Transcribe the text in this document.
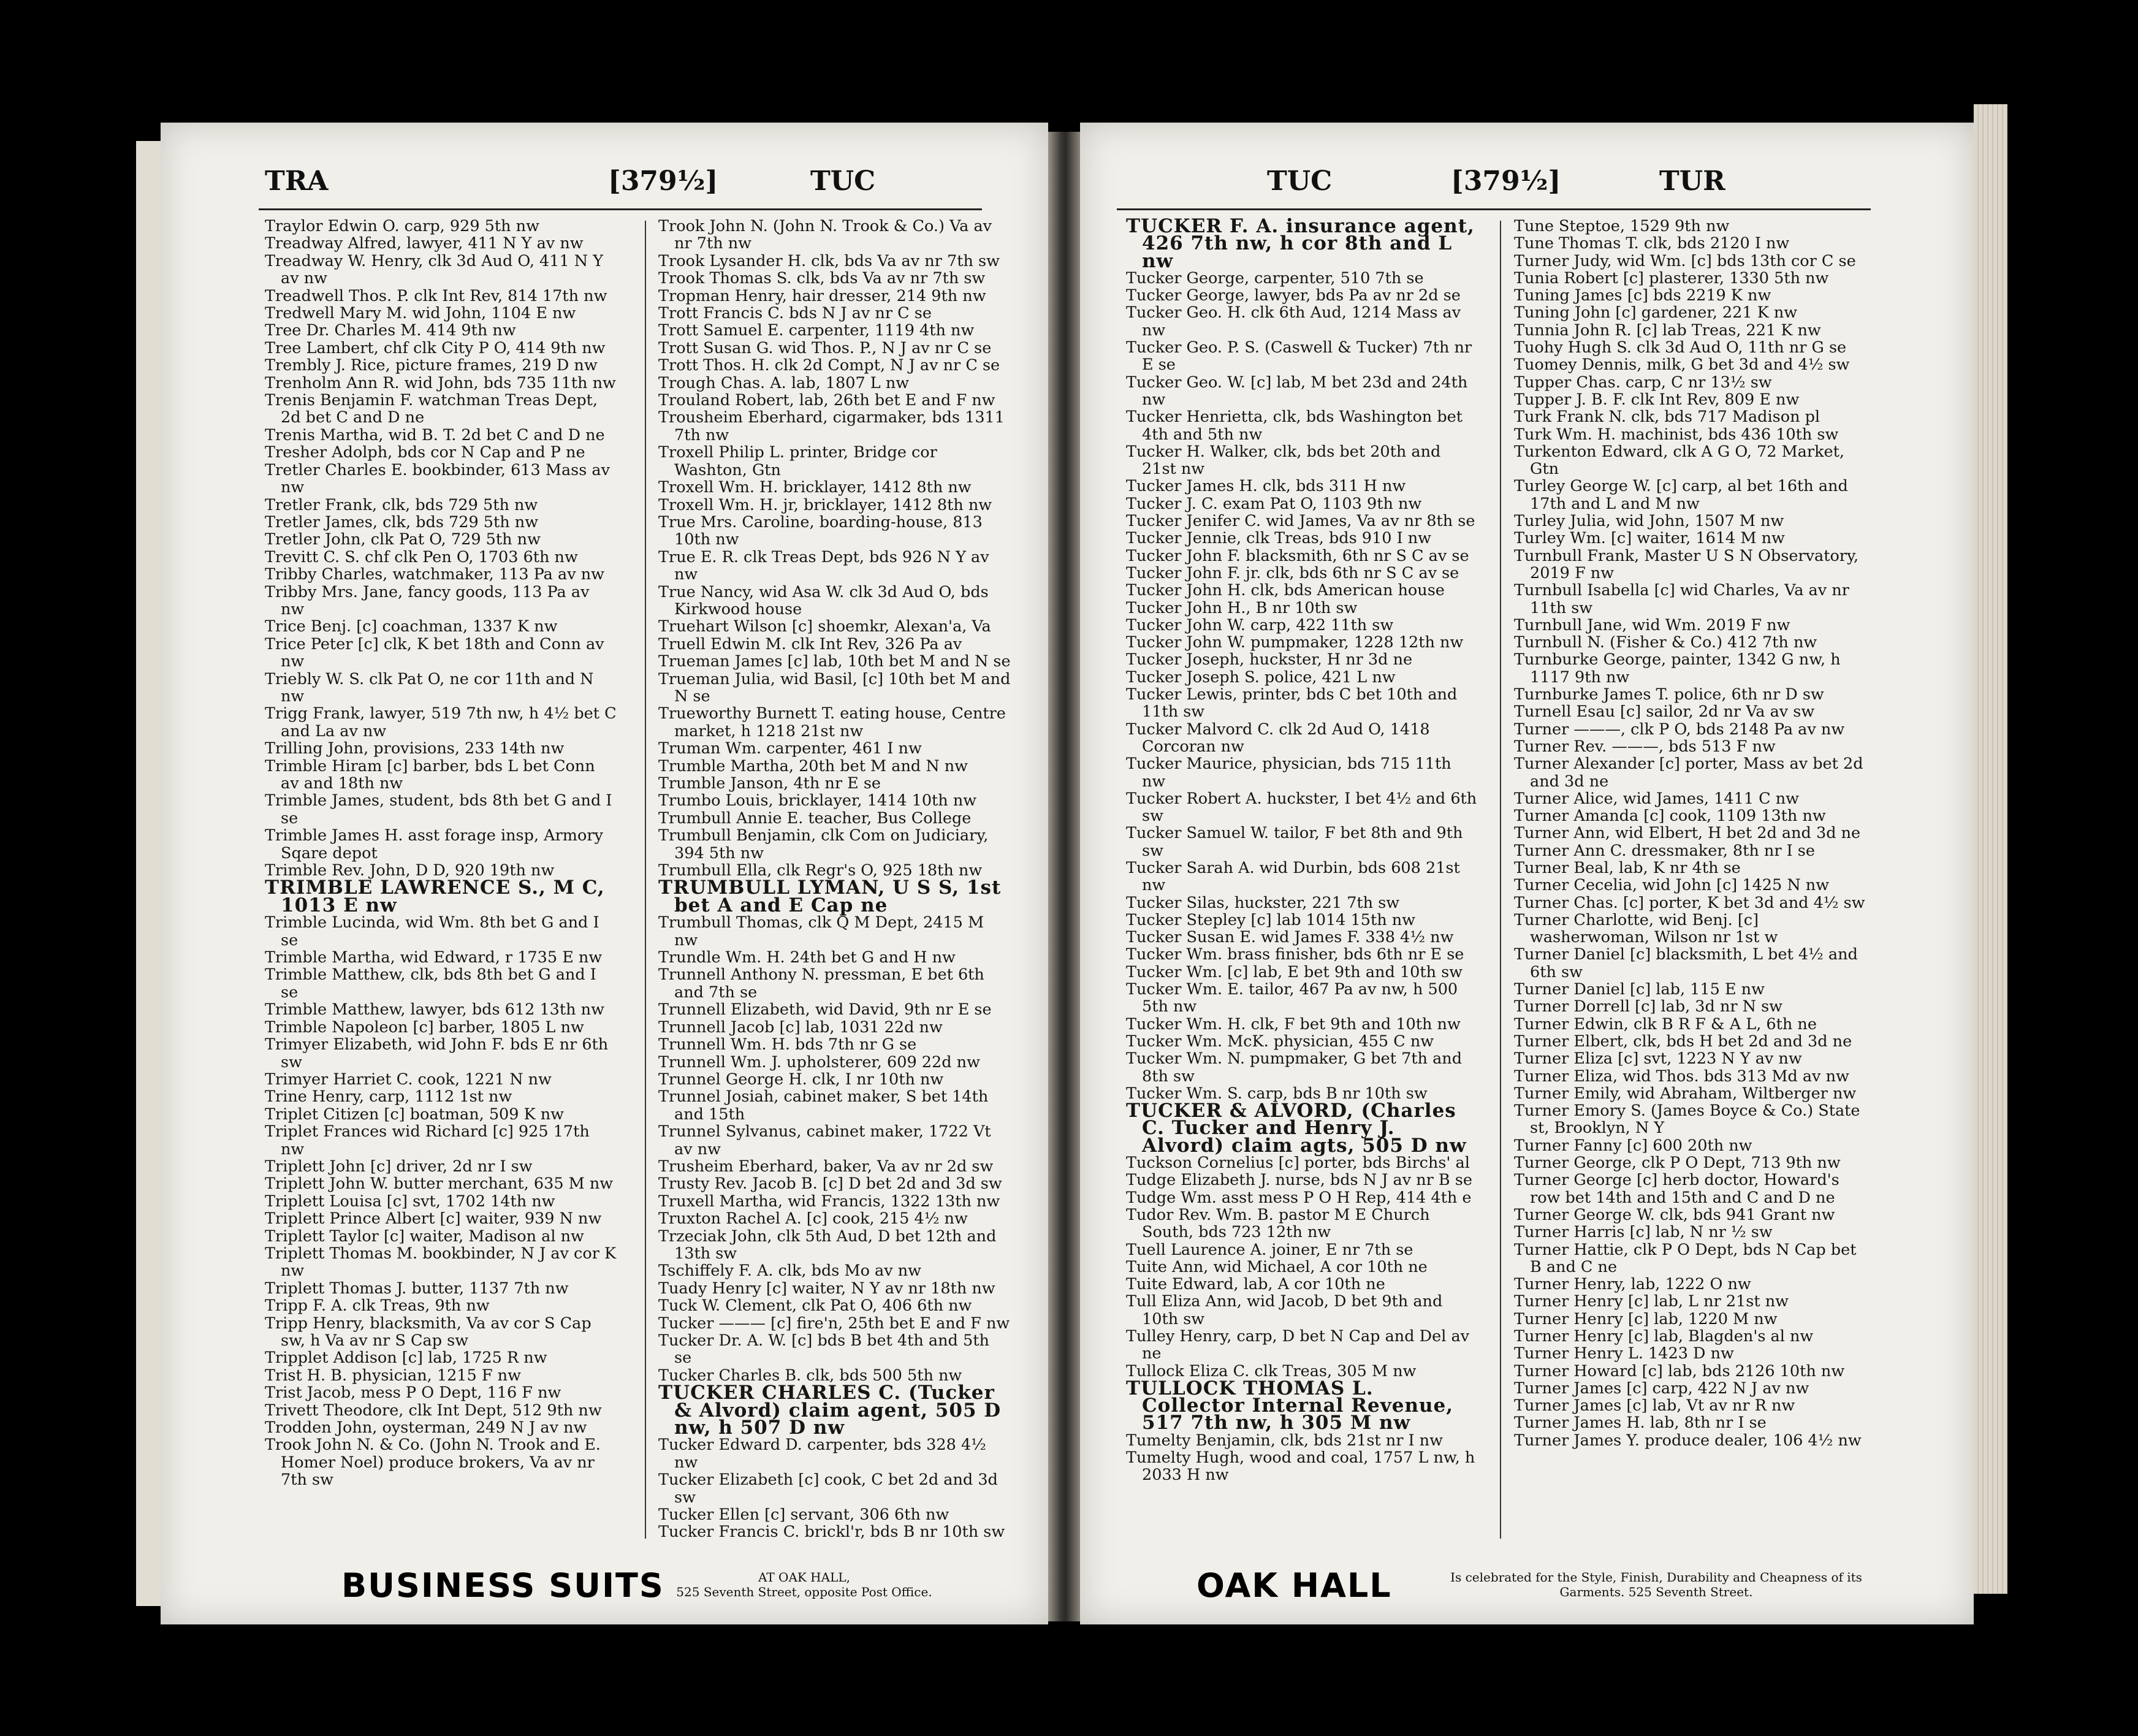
TRA	[379½]	TUC
Traylor Edwin O. carp, 929 5th nw
Treadway Alfred, lawyer, 411 N Y av nw
Treadway W. Henry, clk 3d Aud O, 411 N Y av nw
Treadwell Thos. P. clk Int Rev, 814 17th nw
Tredwell Mary M. wid John, 1104 E nw
Tree Dr. Charles M. 414 9th nw
Tree Lambert, chf clk City P O, 414 9th nw
Trembly J. Rice, picture frames, 219 D nw
Trenholm Ann R. wid John, bds 735 11th nw
Trenis Benjamin F. watchman Treas Dept, 2d bet C and D ne
Trenis Martha, wid B. T. 2d bet C and D ne
Tresher Adolph, bds cor N Cap and P ne
Tretler Charles E. bookbinder, 613 Mass av nw
Tretler Frank, clk, bds 729 5th nw
Tretler James, clk, bds 729 5th nw
Tretler John, clk Pat O, 729 5th nw
Trevitt C. S. chf clk Pen O, 1703 6th nw
Tribby Charles, watchmaker, 113 Pa av nw
Tribby Mrs. Jane, fancy goods, 113 Pa av nw
Trice Benj. [c] coachman, 1337 K nw
Trice Peter [c] clk, K bet 18th and Conn av nw
Triebly W. S. clk Pat O, ne cor 11th and N nw
Trigg Frank, lawyer, 519 7th nw, h 4½ bet C and La av nw
Trilling John, provisions, 233 14th nw
Trimble Hiram [c] barber, bds L bet Conn av and 18th nw
Trimble James, student, bds 8th bet G and I se
Trimble James H. asst forage insp, Armory Sqare depot
Trimble Rev. John, D D, 920 19th nw
TRIMBLE LAWRENCE S., M C, 1013 E nw
Trimble Lucinda, wid Wm. 8th bet G and I se
Trimble Martha, wid Edward, r 1735 E nw
Trimble Matthew, clk, bds 8th bet G and I se
Trimble Matthew, lawyer, bds 612 13th nw
Trimble Napoleon [c] barber, 1805 L nw
Trimyer Elizabeth, wid John F. bds E nr 6th sw
Trimyer Harriet C. cook, 1221 N nw
Trine Henry, carp, 1112 1st nw
Triplet Citizen [c] boatman, 509 K nw
Triplet Frances wid Richard [c] 925 17th nw
Triplett John [c] driver, 2d nr I sw
Triplett John W. butter merchant, 635 M nw
Triplett Louisa [c] svt, 1702 14th nw
Triplett Prince Albert [c] waiter, 939 N nw
Triplett Taylor [c] waiter, Madison al nw
Triplett Thomas M. bookbinder, N J av cor K nw
Triplett Thomas J. butter, 1137 7th nw
Tripp F. A. clk Treas, 9th nw
Tripp Henry, blacksmith, Va av cor S Cap sw, h Va av nr S Cap sw
Tripplet Addison [c] lab, 1725 R nw
Trist H. B. physician, 1215 F nw
Trist Jacob, mess P O Dept, 116 F nw
Trivett Theodore, clk Int Dept, 512 9th nw
Trodden John, oysterman, 249 N J av nw
Trook John N. & Co. (John N. Trook and E. Homer Noel) produce brokers, Va av nr 7th sw
Trook John N. (John N. Trook & Co.) Va av nr 7th nw
Trook Lysander H. clk, bds Va av nr 7th sw
Trook Thomas S. clk, bds Va av nr 7th sw
Tropman Henry, hair dresser, 214 9th nw
Trott Francis C. bds N J av nr C se
Trott Samuel E. carpenter, 1119 4th nw
Trott Susan G. wid Thos. P., N J av nr C se
Trott Thos. H. clk 2d Compt, N J av nr C se
Trough Chas. A. lab, 1807 L nw
Trouland Robert, lab, 26th bet E and F nw
Trousheim Eberhard, cigarmaker, bds 1311 7th nw
Troxell Philip L. printer, Bridge cor Washton, Gtn
Troxell Wm. H. bricklayer, 1412 8th nw
Troxell Wm. H. jr, bricklayer, 1412 8th nw
True Mrs. Caroline, boarding-house, 813 10th nw
True E. R. clk Treas Dept, bds 926 N Y av nw
True Nancy, wid Asa W. clk 3d Aud O, bds Kirkwood house
Truehart Wilson [c] shoemkr, Alexan'a, Va
Truell Edwin M. clk Int Rev, 326 Pa av
Trueman James [c] lab, 10th bet M and N se
Trueman Julia, wid Basil, [c] 10th bet M and N se
Trueworthy Burnett T. eating house, Centre market, h 1218 21st nw
Truman Wm. carpenter, 461 I nw
Trumble Martha, 20th bet M and N nw
Trumble Janson, 4th nr E se
Trumbo Louis, bricklayer, 1414 10th nw
Trumbull Annie E. teacher, Bus College
Trumbull Benjamin, clk Com on Judiciary, 394 5th nw
Trumbull Ella, clk Regr's O, 925 18th nw
TRUMBULL LYMAN, U S S, 1st bet A and E Cap ne
Trumbull Thomas, clk Q M Dept, 2415 M nw
Trundle Wm. H. 24th bet G and H nw
Trunnell Anthony N. pressman, E bet 6th and 7th se
Trunnell Elizabeth, wid David, 9th nr E se
Trunnell Jacob [c] lab, 1031 22d nw
Trunnell Wm. H. bds 7th nr G se
Trunnell Wm. J. upholsterer, 609 22d nw
Trunnel George H. clk, I nr 10th nw
Trunnel Josiah, cabinet maker, S bet 14th and 15th
Trunnel Sylvanus, cabinet maker, 1722 Vt av nw
Trusheim Eberhard, baker, Va av nr 2d sw
Trusty Rev. Jacob B. [c] D bet 2d and 3d sw
Truxell Martha, wid Francis, 1322 13th nw
Truxton Rachel A. [c] cook, 215 4½ nw
Trzeciak John, clk 5th Aud, D bet 12th and 13th sw
Tschiffely F. A. clk, bds Mo av nw
Tuady Henry [c] waiter, N Y av nr 18th nw
Tuck W. Clement, clk Pat O, 406 6th nw
Tucker ——— [c] fire'n, 25th bet E and F nw
Tucker Dr. A. W. [c] bds B bet 4th and 5th se
Tucker Charles B. clk, bds 500 5th nw
TUCKER CHARLES C. (Tucker & Alvord) claim agent, 505 D nw, h 507 D nw
Tucker Edward D. carpenter, bds 328 4½ nw
Tucker Elizabeth [c] cook, C bet 2d and 3d sw
Tucker Ellen [c] servant, 306 6th nw
Tucker Francis C. brickl'r, bds B nr 10th sw
BUSINESS SUITS	AT OAK HALL,
525 Seventh Street, opposite Post Office.
TUC	[379½]	TUR
TUCKER F. A. insurance agent, 426 7th nw, h cor 8th and L nw
Tucker George, carpenter, 510 7th se
Tucker George, lawyer, bds Pa av nr 2d se
Tucker Geo. H. clk 6th Aud, 1214 Mass av nw
Tucker Geo. P. S. (Caswell & Tucker) 7th nr E se
Tucker Geo. W. [c] lab, M bet 23d and 24th nw
Tucker Henrietta, clk, bds Washington bet 4th and 5th nw
Tucker H. Walker, clk, bds bet 20th and 21st nw
Tucker James H. clk, bds 311 H nw
Tucker J. C. exam Pat O, 1103 9th nw
Tucker Jenifer C. wid James, Va av nr 8th se
Tucker Jennie, clk Treas, bds 910 I nw
Tucker John F. blacksmith, 6th nr S C av se
Tucker John F. jr. clk, bds 6th nr S C av se
Tucker John H. clk, bds American house
Tucker John H., B nr 10th sw
Tucker John W. carp, 422 11th sw
Tucker John W. pumpmaker, 1228 12th nw
Tucker Joseph, huckster, H nr 3d ne
Tucker Joseph S. police, 421 L nw
Tucker Lewis, printer, bds C bet 10th and 11th sw
Tucker Malvord C. clk 2d Aud O, 1418 Corcoran nw
Tucker Maurice, physician, bds 715 11th nw
Tucker Robert A. huckster, I bet 4½ and 6th sw
Tucker Samuel W. tailor, F bet 8th and 9th sw
Tucker Sarah A. wid Durbin, bds 608 21st nw
Tucker Silas, huckster, 221 7th sw
Tucker Stepley [c] lab 1014 15th nw
Tucker Susan E. wid James F. 338 4½ nw
Tucker Wm. brass finisher, bds 6th nr E se
Tucker Wm. [c] lab, E bet 9th and 10th sw
Tucker Wm. E. tailor, 467 Pa av nw, h 500 5th nw
Tucker Wm. H. clk, F bet 9th and 10th nw
Tucker Wm. McK. physician, 455 C nw
Tucker Wm. N. pumpmaker, G bet 7th and 8th sw
Tucker Wm. S. carp, bds B nr 10th sw
TUCKER & ALVORD, (Charles C. Tucker and Henry J. Alvord) claim agts, 505 D nw
Tuckson Cornelius [c] porter, bds Birchs' al
Tudge Elizabeth J. nurse, bds N J av nr B se
Tudge Wm. asst mess P O H Rep, 414 4th e
Tudor Rev. Wm. B. pastor M E Church South, bds 723 12th nw
Tuell Laurence A. joiner, E nr 7th se
Tuite Ann, wid Michael, A cor 10th ne
Tuite Edward, lab, A cor 10th ne
Tull Eliza Ann, wid Jacob, D bet 9th and 10th sw
Tulley Henry, carp, D bet N Cap and Del av ne
Tullock Eliza C. clk Treas, 305 M nw
TULLOCK THOMAS L. Collector Internal Revenue, 517 7th nw, h 305 M nw
Tumelty Benjamin, clk, bds 21st nr I nw
Tumelty Hugh, wood and coal, 1757 L nw, h 2033 H nw
Tune Steptoe, 1529 9th nw
Tune Thomas T. clk, bds 2120 I nw
Turner Judy, wid Wm. [c] bds 13th cor C se
Tunia Robert [c] plasterer, 1330 5th nw
Tuning James [c] bds 2219 K nw
Tuning John [c] gardener, 221 K nw
Tunnia John R. [c] lab Treas, 221 K nw
Tuohy Hugh S. clk 3d Aud O, 11th nr G se
Tuomey Dennis, milk, G bet 3d and 4½ sw
Tupper Chas. carp, C nr 13½ sw
Tupper J. B. F. clk Int Rev, 809 E nw
Turk Frank N. clk, bds 717 Madison pl
Turk Wm. H. machinist, bds 436 10th sw
Turkenton Edward, clk A G O, 72 Market, Gtn
Turley George W. [c] carp, al bet 16th and 17th and L and M nw
Turley Julia, wid John, 1507 M nw
Turley Wm. [c] waiter, 1614 M nw
Turnbull Frank, Master U S N Observatory, 2019 F nw
Turnbull Isabella [c] wid Charles, Va av nr 11th sw
Turnbull Jane, wid Wm. 2019 F nw
Turnbull N. (Fisher & Co.) 412 7th nw
Turnburke George, painter, 1342 G nw, h 1117 9th nw
Turnburke James T. police, 6th nr D sw
Turnell Esau [c] sailor, 2d nr Va av sw
Turner ———, clk P O, bds 2148 Pa av nw
Turner Rev. ———, bds 513 F nw
Turner Alexander [c] porter, Mass av bet 2d and 3d ne
Turner Alice, wid James, 1411 C nw
Turner Amanda [c] cook, 1109 13th nw
Turner Ann, wid Elbert, H bet 2d and 3d ne
Turner Ann C. dressmaker, 8th nr I se
Turner Beal, lab, K nr 4th se
Turner Cecelia, wid John [c] 1425 N nw
Turner Chas. [c] porter, K bet 3d and 4½ sw
Turner Charlotte, wid Benj. [c] washerwoman, Wilson nr 1st w
Turner Daniel [c] blacksmith, L bet 4½ and 6th sw
Turner Daniel [c] lab, 115 E nw
Turner Dorrell [c] lab, 3d nr N sw
Turner Edwin, clk B R F & A L, 6th ne
Turner Elbert, clk, bds H bet 2d and 3d ne
Turner Eliza [c] svt, 1223 N Y av nw
Turner Eliza, wid Thos. bds 313 Md av nw
Turner Emily, wid Abraham, Wiltberger nw
Turner Emory S. (James Boyce & Co.) State st, Brooklyn, N Y
Turner Fanny [c] 600 20th nw
Turner George, clk P O Dept, 713 9th nw
Turner George [c] herb doctor, Howard's row bet 14th and 15th and C and D ne
Turner George W. clk, bds 941 Grant nw
Turner Harris [c] lab, N nr ½ sw
Turner Hattie, clk P O Dept, bds N Cap bet B and C ne
Turner Henry, lab, 1222 O nw
Turner Henry [c] lab, L nr 21st nw
Turner Henry [c] lab, 1220 M nw
Turner Henry [c] lab, Blagden's al nw
Turner Henry L. 1423 D nw
Turner Howard [c] lab, bds 2126 10th nw
Turner James [c] carp, 422 N J av nw
Turner James [c] lab, Vt av nr R nw
Turner James H. lab, 8th nr I se
Turner James Y. produce dealer, 106 4½ nw
OAK HALL	Is celebrated for the Style, Finish, Durability and Cheapness of its Garments. 525 Seventh Street.
